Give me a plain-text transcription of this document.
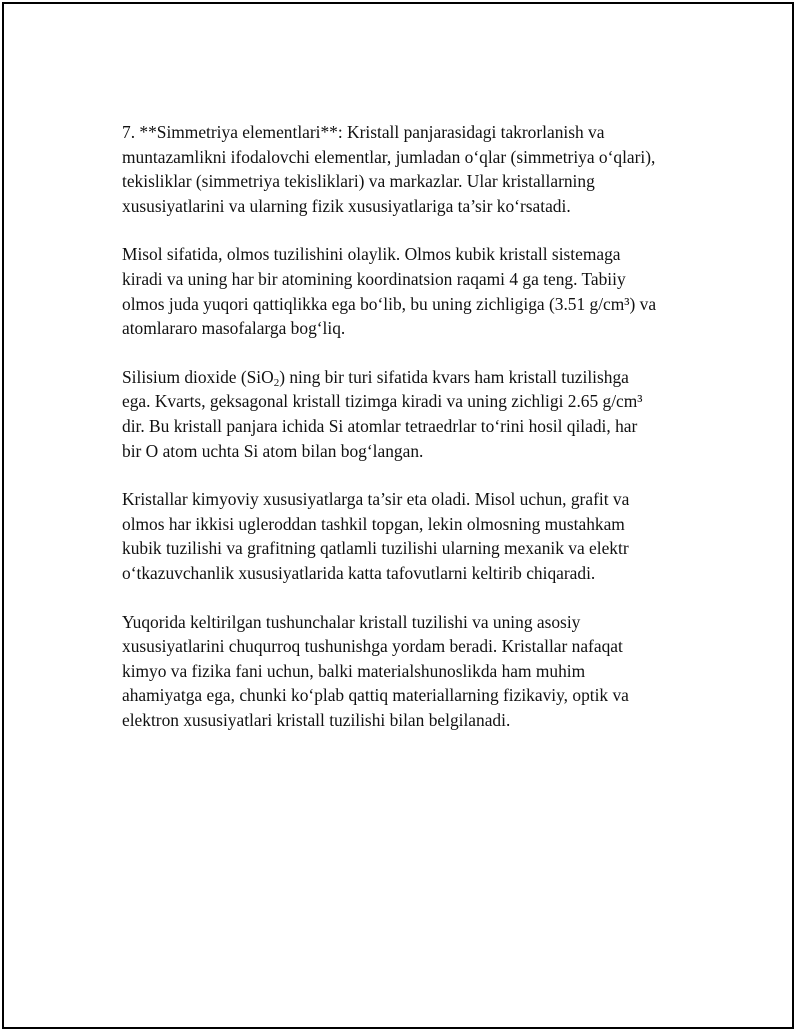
7. **Simmetriya elementlari**: Kristall panjarasidagi takrorlanish va
muntazamlikni ifodalovchi elementlar, jumladan o‘qlar (simmetriya o‘qlari),
tekisliklar (simmetriya tekisliklari) va markazlar. Ular kristallarning
xususiyatlarini va ularning fizik xususiyatlariga ta’sir ko‘rsatadi.

Misol sifatida, olmos tuzilishini olaylik. Olmos kubik kristall sistemaga
kiradi va uning har bir atomining koordinatsion raqami 4 ga teng. Tabiiy
olmos juda yuqori qattiqlikka ega bo‘lib, bu uning zichligiga (3.51 g/cm³) va
atomlararo masofalarga bog‘liq.

Silisium dioxide (SiO$_2$) ning bir turi sifatida kvars ham kristall tuzilishga
ega. Kvarts, geksagonal kristall tizimga kiradi va uning zichligi 2.65 g/cm³
dir. Bu kristall panjara ichida Si atomlar tetraedrlar to‘rini hosil qiladi, har
bir O atom uchta Si atom bilan bog‘langan.

Kristallar kimyoviy xususiyatlarga ta’sir eta oladi. Misol uchun, grafit va
olmos har ikkisi ugleroddan tashkil topgan, lekin olmosning mustahkam
kubik tuzilishi va grafitning qatlamli tuzilishi ularning mexanik va elektr
o‘tkazuvchanlik xususiyatlarida katta tafovutlarni keltirib chiqaradi.

Yuqorida keltirilgan tushunchalar kristall tuzilishi va uning asosiy
xususiyatlarini chuqurroq tushunishga yordam beradi. Kristallar nafaqat
kimyo va fizika fani uchun, balki materialshunoslikda ham muhim
ahamiyatga ega, chunki ko‘plab qattiq materiallarning fizikaviy, optik va
elektron xususiyatlari kristall tuzilishi bilan belgilanadi.
